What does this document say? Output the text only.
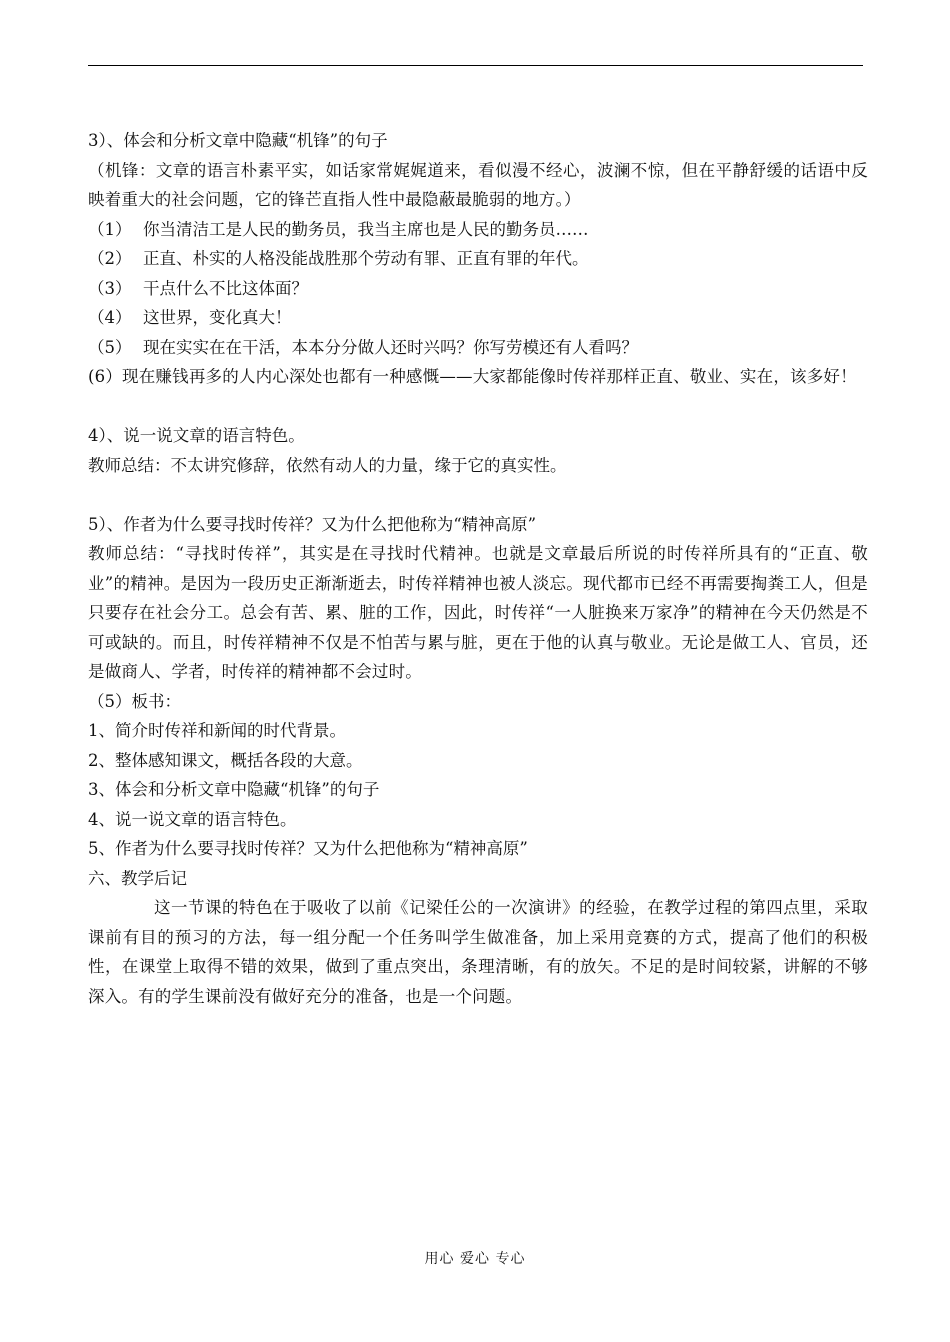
3）、体会和分析文章中隐藏“机锋”的句子
（机锋：文章的语言朴素平实，如话家常娓娓道来，看似漫不经心，波澜不惊，但在平静舒缓的话语中反映着重大的社会问题，它的锋芒直指人性中最隐蔽最脆弱的地方。）
（1） 你当清洁工是人民的勤务员，我当主席也是人民的勤务员……
（2） 正直、朴实的人格没能战胜那个劳动有罪、正直有罪的年代。
（3） 干点什么不比这体面？
（4） 这世界，变化真大！
（5） 现在实实在在干活，本本分分做人还时兴吗？你写劳模还有人看吗？
(6）现在赚钱再多的人内心深处也都有一种感慨——大家都能像时传祥那样正直、敬业、实在，该多好！
4）、说一说文章的语言特色。
教师总结：不太讲究修辞，依然有动人的力量，缘于它的真实性。
5）、作者为什么要寻找时传祥？又为什么把他称为“精神高原”
教师总结：“寻找时传祥”，其实是在寻找时代精神。也就是文章最后所说的时传祥所具有的“正直、敬业”的精神。是因为一段历史正渐渐逝去，时传祥精神也被人淡忘。现代都市已经不再需要掏粪工人，但是只要存在社会分工。总会有苦、累、脏的工作，因此，时传祥“一人脏换来万家净”的精神在今天仍然是不可或缺的。而且，时传祥精神不仅是不怕苦与累与脏，更在于他的认真与敬业。无论是做工人、官员，还是做商人、学者，时传祥的精神都不会过时。
（5）板书：
1、简介时传祥和新闻的时代背景。
2、整体感知课文，概括各段的大意。
3、体会和分析文章中隐藏“机锋”的句子
4、说一说文章的语言特色。
5、作者为什么要寻找时传祥？又为什么把他称为“精神高原”
六、教学后记
这一节课的特色在于吸收了以前《记梁任公的一次演讲》的经验，在教学过程的第四点里，采取课前有目的预习的方法，每一组分配一个任务叫学生做准备，加上采用竞赛的方式，提高了他们的积极性，在课堂上取得不错的效果，做到了重点突出，条理清晰，有的放矢。不足的是时间较紧，讲解的不够深入。有的学生课前没有做好充分的准备，也是一个问题。
用心 爱心 专心
